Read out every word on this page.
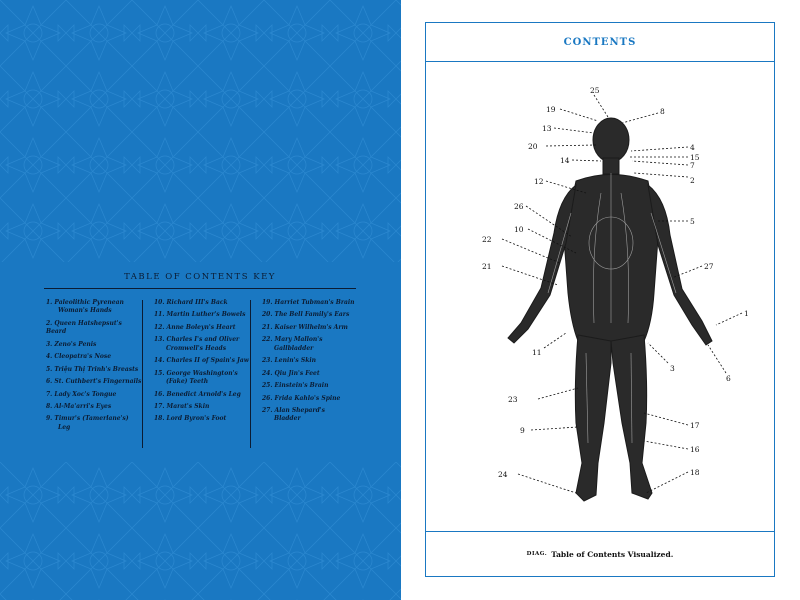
TABLE OF CONTENTS KEY
1. Paleolithic Pyrenean
Woman's Hands
2. Queen Hatshepsut's Beard
3. Zeno's Penis
4. Cleopatra's Nose
5. Triệu Thị Trinh's Breasts
6. St. Cuthbert's Fingernails
7. Lady Xoc's Tongue
8. Al-Ma'arri's Eyes
9. Timur's (Tamerlane's)
Leg
10. Richard III's Back
11. Martin Luther's Bowels
12. Anne Boleyn's Heart
13. Charles I's and Oliver
Cromwell's Heads
14. Charles II of Spain's Jaw
15. George Washington's
(Fake) Teeth
16. Benedict Arnold's Leg
17. Marat's Skin
18. Lord Byron's Foot
19. Harriet Tubman's Brain
20. The Bell Family's Ears
21. Kaiser Wilhelm's Arm
22. Mary Mallon's
Gallbladder
23. Lenin's Skin
24. Qiu Jin's Feet
25. Einstein's Brain
26. Frida Kahlo's Spine
27. Alan Shepard's
Bladder
CONTENTS
1
2
3
4
5
6
7
8
9
10
11
12
13
14	15
16
17
18
19
20
21
22
23
24
25
26
27
DIAG. Table of Contents Visualized.
